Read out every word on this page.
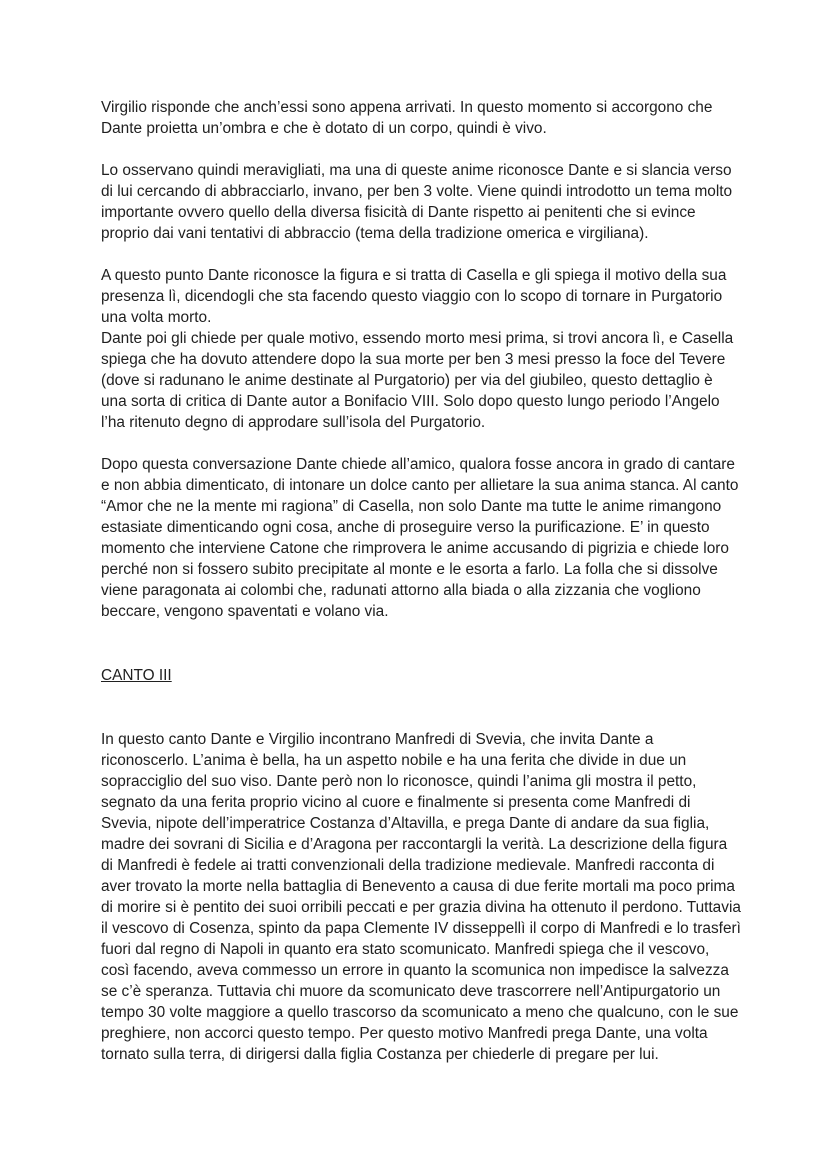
Virgilio risponde che anch’essi sono appena arrivati. In questo momento si accorgono che Dante proietta un’ombra e che è dotato di un corpo, quindi è vivo.

Lo osservano quindi meravigliati, ma una di queste anime riconosce Dante e si slancia verso di lui cercando di abbracciarlo, invano, per ben 3 volte. Viene quindi introdotto un tema molto importante ovvero quello della diversa fisicità di Dante rispetto ai penitenti che si evince proprio dai vani tentativi di abbraccio (tema della tradizione omerica e virgiliana).

A questo punto Dante riconosce la figura e si tratta di Casella e gli spiega il motivo della sua presenza lì, dicendogli che sta facendo questo viaggio con lo scopo di tornare in Purgatorio una volta morto.

Dante poi gli chiede per quale motivo, essendo morto mesi prima, si trovi ancora lì, e Casella spiega che ha dovuto attendere dopo la sua morte per ben 3 mesi presso la foce del Tevere (dove si radunano le anime destinate al Purgatorio) per via del giubileo, questo dettaglio è una sorta di critica di Dante autor a Bonifacio VIII. Solo dopo questo lungo periodo l’Angelo l’ha ritenuto degno di approdare sull’isola del Purgatorio.

Dopo questa conversazione Dante chiede all’amico, qualora fosse ancora in grado di cantare e non abbia dimenticato, di intonare un dolce canto per allietare la sua anima stanca. Al canto “Amor che ne la mente mi ragiona” di Casella, non solo Dante ma tutte le anime rimangono estasiate dimenticando ogni cosa, anche di proseguire verso la purificazione. E’ in questo momento che interviene Catone che rimprovera le anime accusando di pigrizia e chiede loro perché non si fossero subito precipitate al monte e le esorta a farlo. La folla che si dissolve viene paragonata ai colombi che, radunati attorno alla biada o alla zizzania che vogliono beccare, vengono spaventati e volano via.

CANTO III

In questo canto Dante e Virgilio incontrano Manfredi di Svevia, che invita Dante a riconoscerlo. L’anima è bella, ha un aspetto nobile e ha una ferita che divide in due un sopracciglio del suo viso. Dante però non lo riconosce, quindi l’anima gli mostra il petto, segnato da una ferita proprio vicino al cuore e finalmente si presenta come Manfredi di Svevia, nipote dell’imperatrice Costanza d’Altavilla, e prega Dante di andare da sua figlia, madre dei sovrani di Sicilia e d’Aragona per raccontargli la verità. La descrizione della figura di Manfredi è fedele ai tratti convenzionali della tradizione medievale. Manfredi racconta di aver trovato la morte nella battaglia di Benevento a causa di due ferite mortali ma poco prima di morire si è pentito dei suoi orribili peccati e per grazia divina ha ottenuto il perdono. Tuttavia il vescovo di Cosenza, spinto da papa Clemente IV disseppellì il corpo di Manfredi e lo trasferì fuori dal regno di Napoli in quanto era stato scomunicato. Manfredi spiega che il vescovo, così facendo, aveva commesso un errore in quanto la scomunica non impedisce la salvezza se c’è speranza. Tuttavia chi muore da scomunicato deve trascorrere nell’Antipurgatorio un tempo 30 volte maggiore a quello trascorso da scomunicato a meno che qualcuno, con le sue preghiere, non accorci questo tempo. Per questo motivo Manfredi prega Dante, una volta tornato sulla terra, di dirigersi dalla figlia Costanza per chiederle di pregare per lui.
